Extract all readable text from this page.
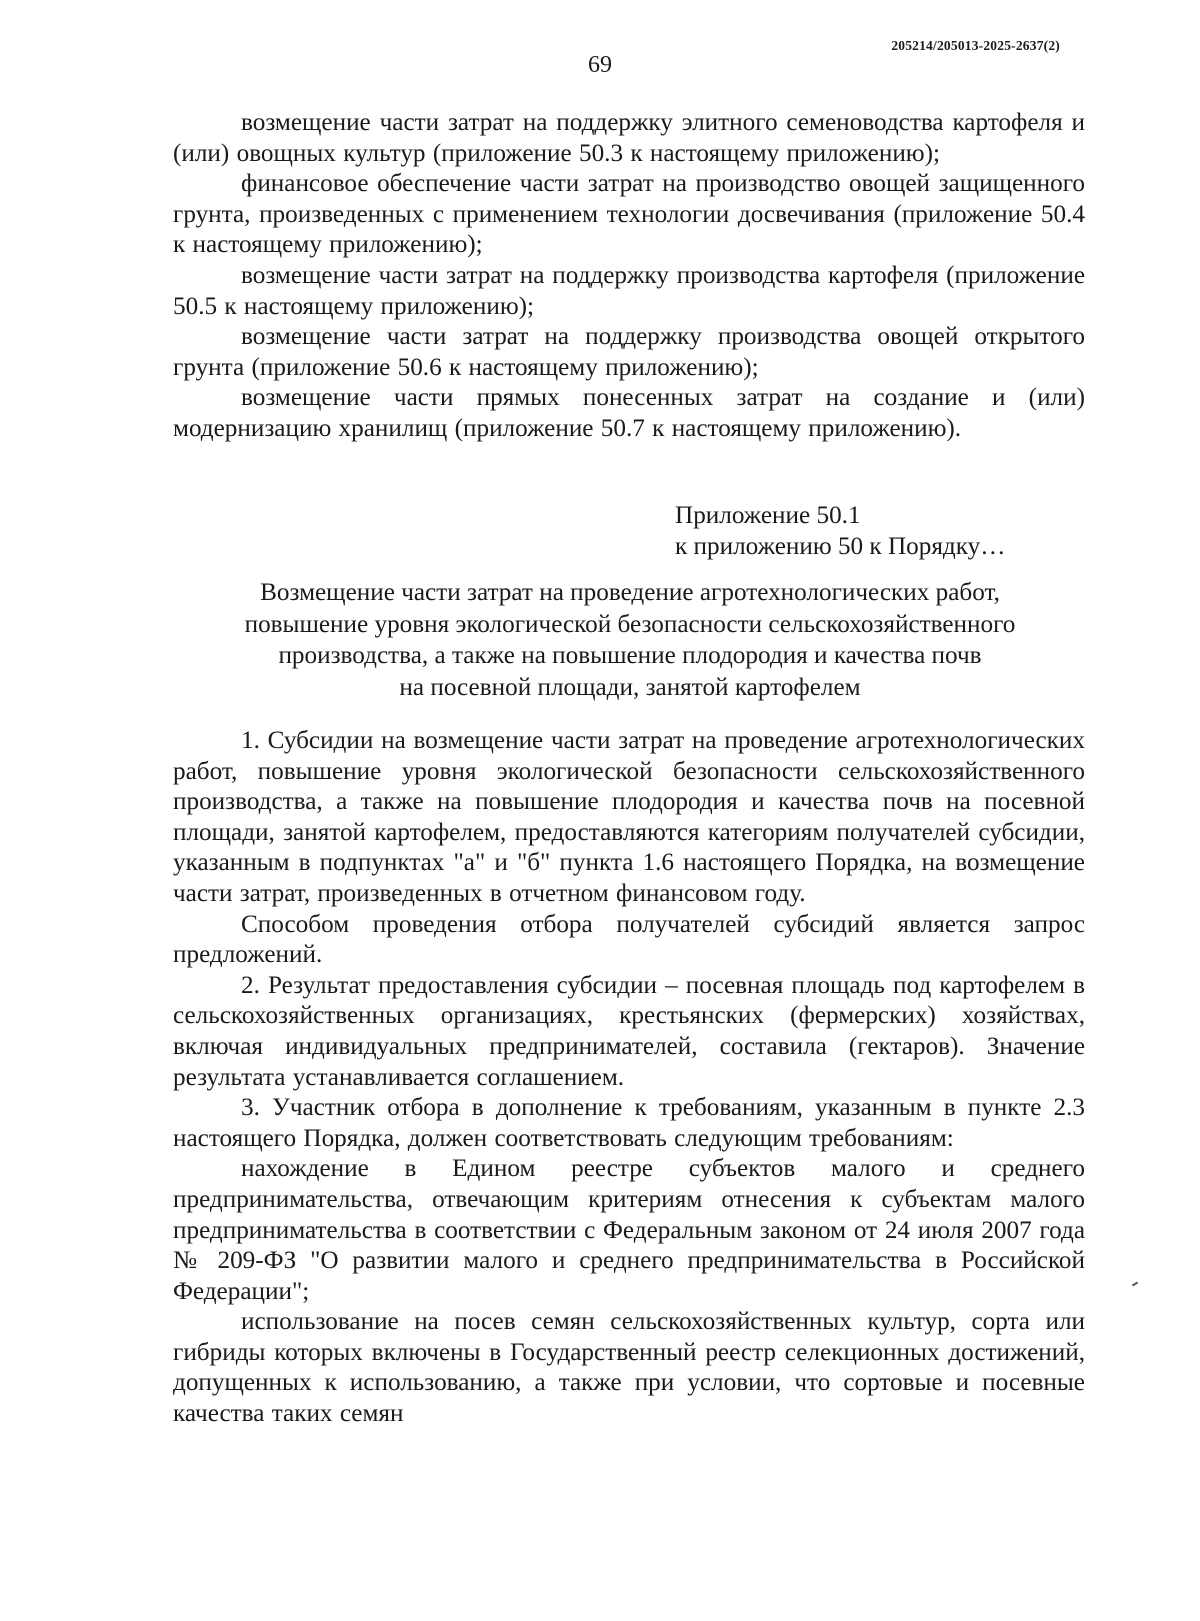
205214/205013-2025-2637(2)
69

возмещение части затрат на поддержку элитного семеноводства картофеля и (или) овощных культур (приложение 50.3 к настоящему приложению);

финансовое обеспечение части затрат на производство овощей защищенного грунта, произведенных с применением технологии досвечивания (приложение 50.4 к настоящему приложению);

возмещение части затрат на поддержку производства картофеля (приложение 50.5 к настоящему приложению);

возмещение части затрат на поддержку производства овощей открытого грунта (приложение 50.6 к настоящему приложению);

возмещение части прямых понесенных затрат на создание и (или) модернизацию хранилищ (приложение 50.7 к настоящему приложению).

Приложение 50.1
к приложению 50 к Порядку…
Возмещение части затрат на проведение агротехнологических работ,
повышение уровня экологической безопасности сельскохозяйственного
производства, а также на повышение плодородия и качества почв
на посевной площади, занятой картофелем

1. Субсидии на возмещение части затрат на проведение агротехнологических работ, повышение уровня экологической безопасности сельскохозяйственного производства, а также на повышение плодородия и качества почв на посевной площади, занятой картофелем, предоставляются категориям получателей субсидии, указанным в подпунктах "а" и "б" пункта 1.6 настоящего Порядка, на возмещение части затрат, произведенных в отчетном финансовом году.

Способом проведения отбора получателей субсидий является запрос предложений.

2. Результат предоставления субсидии – посевная площадь под картофелем в сельскохозяйственных организациях, крестьянских (фермерских) хозяйствах, включая индивидуальных предпринимателей, составила (гектаров). Значение результата устанавливается соглашением.

3. Участник отбора в дополнение к требованиям, указанным в пункте 2.3 настоящего Порядка, должен соответствовать следующим требованиям:

нахождение в Едином реестре субъектов малого и среднего предпринимательства, отвечающим критериям отнесения к субъектам малого предпринимательства в соответствии с Федеральным законом от 24 июля 2007 года № 209-ФЗ "О развитии малого и среднего предпринимательства в Российской Федерации";

использование на посев семян сельскохозяйственных культур, сорта или гибриды которых включены в Государственный реестр селекционных достижений, допущенных к использованию, а также при условии, что сортовые и посевные качества таких семян
